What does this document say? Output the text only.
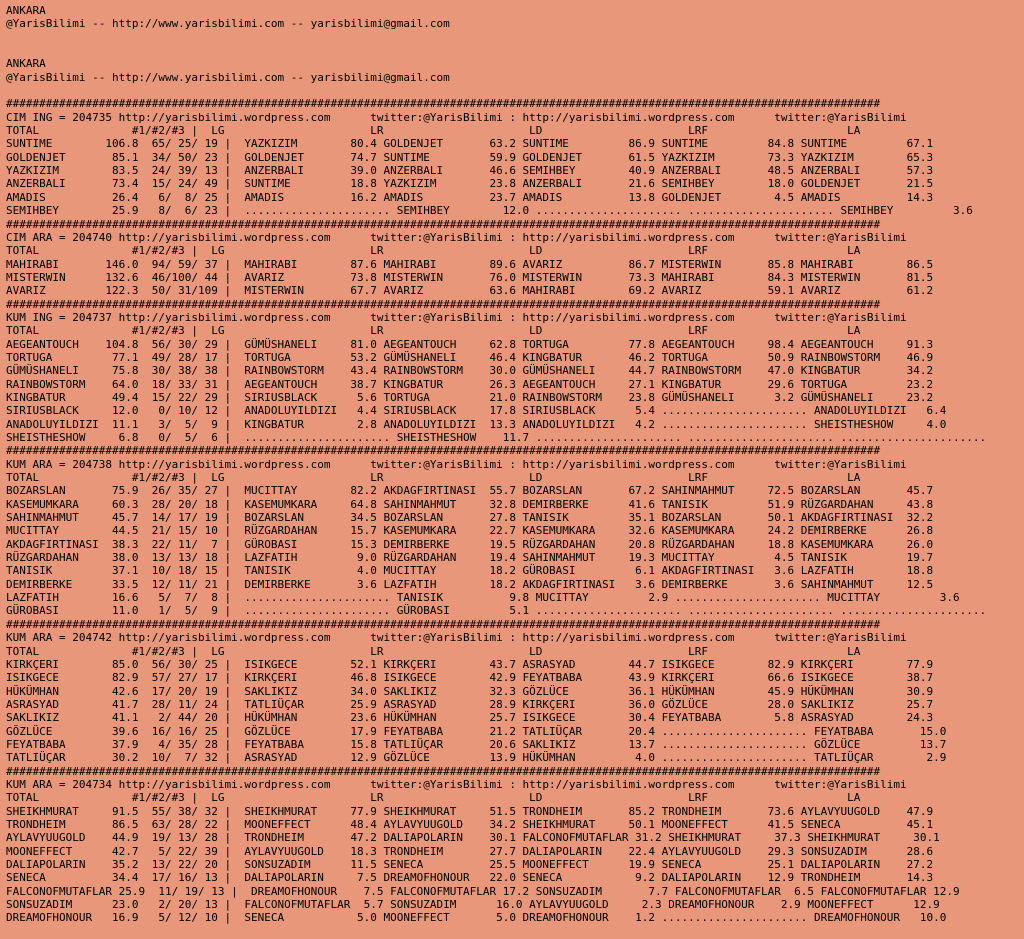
ANKARA
@YarisBilimi -- http://www.yarisbilimi.com -- yarisbilimi@gmail.com
ANKARA
@YarisBilimi -- http://www.yarisbilimi.com -- yarisbilimi@gmail.com
####################################################################################################################################
CIM ING = 204735 http://yarisbilimi.wordpress.com      twitter:@YarisBilimi : http://yarisbilimi.wordpress.com      twitter:@YarisBilimi
TOTAL              #1/#2/#3 |  LG                      LR                      LD                      LRF                     LA
SUNTIME        106.8  65/ 25/ 19 |  YAZKIZIM        80.4 GOLDENJET       63.2 SUNTIME         86.9 SUNTIME         84.8 SUNTIME         67.1
GOLDENJET       85.1  34/ 50/ 23 |  GOLDENJET       74.7 SUNTIME         59.9 GOLDENJET       61.5 YAZKIZIM        73.3 YAZKIZIM        65.3
YAZKIZIM        83.5  24/ 39/ 13 |  ANZERBALI       39.0 ANZERBALI       46.6 SEMIHBEY        40.9 ANZERBALI       48.5 ANZERBALI       57.3
ANZERBALI       73.4  15/ 24/ 49 |  SUNTIME         18.8 YAZKIZIM        23.8 ANZERBALI       21.6 SEMIHBEY        18.0 GOLDENJET       21.5
AMADIS          26.4   6/  8/ 25 |  AMADIS          16.2 AMADIS          23.7 AMADIS          13.8 GOLDENJET        4.5 AMADIS          14.3
SEMIHBEY        25.9   8/  6/ 23 |  ...................... SEMIHBEY        12.0 ...................... ...................... SEMIHBEY         3.6
####################################################################################################################################
CIM ARA = 204740 http://yarisbilimi.wordpress.com      twitter:@YarisBilimi : http://yarisbilimi.wordpress.com      twitter:@YarisBilimi
TOTAL              #1/#2/#3 |  LG                      LR                      LD                      LRF                     LA
MAHIRABI       146.0  94/ 59/ 37 |  MAHIRABI        87.6 MAHIRABI        89.6 AVARIZ          86.7 MISTERWIN       85.8 MAHIRABI        86.5
MISTERWIN      132.6  46/100/ 44 |  AVARIZ          73.8 MISTERWIN       76.0 MISTERWIN       73.3 MAHIRABI        84.3 MISTERWIN       81.5
AVARIZ         122.3  50/ 31/109 |  MISTERWIN       67.7 AVARIZ          63.6 MAHIRABI        69.2 AVARIZ          59.1 AVARIZ          61.2
####################################################################################################################################
KUM ING = 204737 http://yarisbilimi.wordpress.com      twitter:@YarisBilimi : http://yarisbilimi.wordpress.com      twitter:@YarisBilimi
TOTAL              #1/#2/#3 |  LG                      LR                      LD                      LRF                     LA
AEGEANTOUCH    104.8  56/ 30/ 29 |  GÜMÜSHANELI     81.0 AEGEANTOUCH     62.8 TORTUGA         77.8 AEGEANTOUCH     98.4 AEGEANTOUCH     91.3
TORTUGA         77.1  49/ 28/ 17 |  TORTUGA         53.2 GÜMÜSHANELI     46.4 KINGBATUR       46.2 TORTUGA         50.9 RAINBOWSTORM    46.9
GÜMÜSHANELI     75.8  30/ 38/ 38 |  RAINBOWSTORM    43.4 RAINBOWSTORM    30.0 GÜMÜSHANELI     44.7 RAINBOWSTORM    47.0 KINGBATUR       34.2
RAINBOWSTORM    64.0  18/ 33/ 31 |  AEGEANTOUCH     38.7 KINGBATUR       26.3 AEGEANTOUCH     27.1 KINGBATUR       29.6 TORTUGA         23.2
KINGBATUR       49.4  15/ 22/ 29 |  SIRIUSBLACK      5.6 TORTUGA         21.0 RAINBOWSTORM    23.8 GÜMÜSHANELI      3.2 GÜMÜSHANELI     23.2
SIRIUSBLACK     12.0   0/ 10/ 12 |  ANADOLUYILDIZI   4.4 SIRIUSBLACK     17.8 SIRIUSBLACK      5.4 ...................... ANADOLUYILDIZI   6.4
ANADOLUYILDIZI  11.1   3/  5/  9 |  KINGBATUR        2.8 ANADOLUYILDIZI  13.3 ANADOLUYILDIZI   4.2 ...................... SHEISTHESHOW     4.0
SHEISTHESHOW     6.8   0/  5/  6 |  ...................... SHEISTHESHOW    11.7 ...................... ...................... ......................
####################################################################################################################################
KUM ARA = 204738 http://yarisbilimi.wordpress.com      twitter:@YarisBilimi : http://yarisbilimi.wordpress.com      twitter:@YarisBilimi
TOTAL              #1/#2/#3 |  LG                      LR                      LD                      LRF                     LA
BOZARSLAN       75.9  26/ 35/ 27 |  MUCITTAY        82.2 AKDAGFIRTINASI  55.7 BOZARSLAN       67.2 SAHINMAHMUT     72.5 BOZARSLAN       45.7
KASEMUMKARA     60.3  28/ 20/ 18 |  KASEMUMKARA     64.8 SAHINMAHMUT     32.8 DEMIRBERKE      41.6 TANISIK         51.9 RÜZGARDAHAN     43.8
SAHINMAHMUT     45.7  14/ 17/ 19 |  BOZARSLAN       34.5 BOZARSLAN       27.8 TANISIK         35.1 BOZARSLAN       50.1 AKDAGFIRTINASI  32.2
MUCITTAY        44.5  21/ 15/ 10 |  RÜZGARDAHAN     15.7 KASEMUMKARA     22.7 KASEMUMKARA     32.6 KASEMUMKARA     24.2 DEMIRBERKE      26.8
AKDAGFIRTINASI  38.3  22/ 11/  7 |  GÜROBASI        15.3 DEMIRBERKE      19.5 RÜZGARDAHAN     20.8 RÜZGARDAHAN     18.8 KASEMUMKARA     26.0
RÜZGARDAHAN     38.0  13/ 13/ 18 |  LAZFATIH         9.0 RÜZGARDAHAN     19.4 SAHINMAHMUT     19.3 MUCITTAY         4.5 TANISIK         19.7
TANISIK         37.1  10/ 18/ 15 |  TANISIK          4.0 MUCITTAY        18.2 GÜROBASI         6.1 AKDAGFIRTINASI   3.6 LAZFATIH        18.8
DEMIRBERKE      33.5  12/ 11/ 21 |  DEMIRBERKE       3.6 LAZFATIH        18.2 AKDAGFIRTINASI   3.6 DEMIRBERKE       3.6 SAHINMAHMUT     12.5
LAZFATIH        16.6   5/  7/  8 |  ...................... TANISIK          9.8 MUCITTAY         2.9 ...................... MUCITTAY         3.6
GÜROBASI        11.0   1/  5/  9 |  ...................... GÜROBASI         5.1 ...................... ...................... ......................
####################################################################################################################################
KUM ARA = 204742 http://yarisbilimi.wordpress.com      twitter:@YarisBilimi : http://yarisbilimi.wordpress.com      twitter:@YarisBilimi
TOTAL              #1/#2/#3 |  LG                      LR                      LD                      LRF                     LA
KIRKÇERI        85.0  56/ 30/ 25 |  ISIKGECE        52.1 KIRKÇERI        43.7 ASRASYAD        44.7 ISIKGECE        82.9 KIRKÇERI        77.9
ISIKGECE        82.9  57/ 27/ 17 |  KIRKÇERI        46.8 ISIKGECE        42.9 FEYATBABA       43.9 KIRKÇERI        66.6 ISIKGECE        38.7
HÜKÜMHAN        42.6  17/ 20/ 19 |  SAKLIKIZ        34.0 SAKLIKIZ        32.3 GÖZLÜCE         36.1 HÜKÜMHAN        45.9 HÜKÜMHAN        30.9
ASRASYAD        41.7  28/ 11/ 24 |  TATLIÜÇAR       25.9 ASRASYAD        28.9 KIRKÇERI        36.0 GÖZLÜCE         28.0 SAKLIKIZ        25.7
SAKLIKIZ        41.1   2/ 44/ 20 |  HÜKÜMHAN        23.6 HÜKÜMHAN        25.7 ISIKGECE        30.4 FEYATBABA        5.8 ASRASYAD        24.3
GÖZLÜCE         39.6  16/ 16/ 25 |  GÖZLÜCE         17.9 FEYATBABA       21.2 TATLIÜÇAR       20.4 ...................... FEYATBABA       15.0
FEYATBABA       37.9   4/ 35/ 28 |  FEYATBABA       15.8 TATLIÜÇAR       20.6 SAKLIKIZ        13.7 ...................... GÖZLÜCE         13.7
TATLIÜÇAR       30.2  10/  7/ 32 |  ASRASYAD        12.9 GÖZLÜCE         13.9 HÜKÜMHAN         4.0 ...................... TATLIÜÇAR        2.9
####################################################################################################################################
KUM ARA = 204734 http://yarisbilimi.wordpress.com      twitter:@YarisBilimi : http://yarisbilimi.wordpress.com      twitter:@YarisBilimi
TOTAL              #1/#2/#3 |  LG                      LR                      LD                      LRF                     LA
SHEIKHMURAT     91.5  55/ 38/ 32 |  SHEIKHMURAT     77.9 SHEIKHMURAT     51.5 TRONDHEIM       85.2 TRONDHEIM       73.6 AYLAVYUUGOLD    47.9
TRONDHEIM       86.5  63/ 28/ 22 |  MOONEFFECT      48.4 AYLAVYUUGOLD    34.2 SHEIKHMURAT     50.1 MOONEFFECT      41.5 SENECA          45.1
AYLAVYUUGOLD    44.9  19/ 13/ 28 |  TRONDHEIM       47.2 DALIAPOLARIN    30.1 FALCONOFMUTAFLAR 31.2 SHEIKHMURAT     37.3 SHEIKHMURAT     30.1
MOONEFFECT      42.7   5/ 22/ 39 |  AYLAVYUUGOLD    18.3 TRONDHEIM       27.7 DALIAPOLARIN    22.4 AYLAVYUUGOLD    29.3 SONSUZADIM      28.6
DALIAPOLARIN    35.2  13/ 22/ 20 |  SONSUZADIM      11.5 SENECA          25.5 MOONEFFECT      19.9 SENECA          25.1 DALIAPOLARIN    27.2
SENECA          34.4  17/ 16/ 13 |  DALIAPOLARIN     7.5 DREAMOFHONOUR   22.0 SENECA           9.2 DALIAPOLARIN    12.9 TRONDHEIM       14.3
FALCONOFMUTAFLAR 25.9  11/ 19/ 13 |  DREAMOFHONOUR    7.5 FALCONOFMUTAFLAR 17.2 SONSUZADIM       7.7 FALCONOFMUTAFLAR  6.5 FALCONOFMUTAFLAR 12.9
SONSUZADIM      23.0   2/ 20/ 13 |  FALCONOFMUTAFLAR  5.7 SONSUZADIM      16.0 AYLAVYUUGOLD     2.3 DREAMOFHONOUR    2.9 MOONEFFECT      12.9
DREAMOFHONOUR   16.9   5/ 12/ 10 |  SENECA           5.0 MOONEFFECT       5.0 DREAMOFHONOUR    1.2 ...................... DREAMOFHONOUR   10.0
